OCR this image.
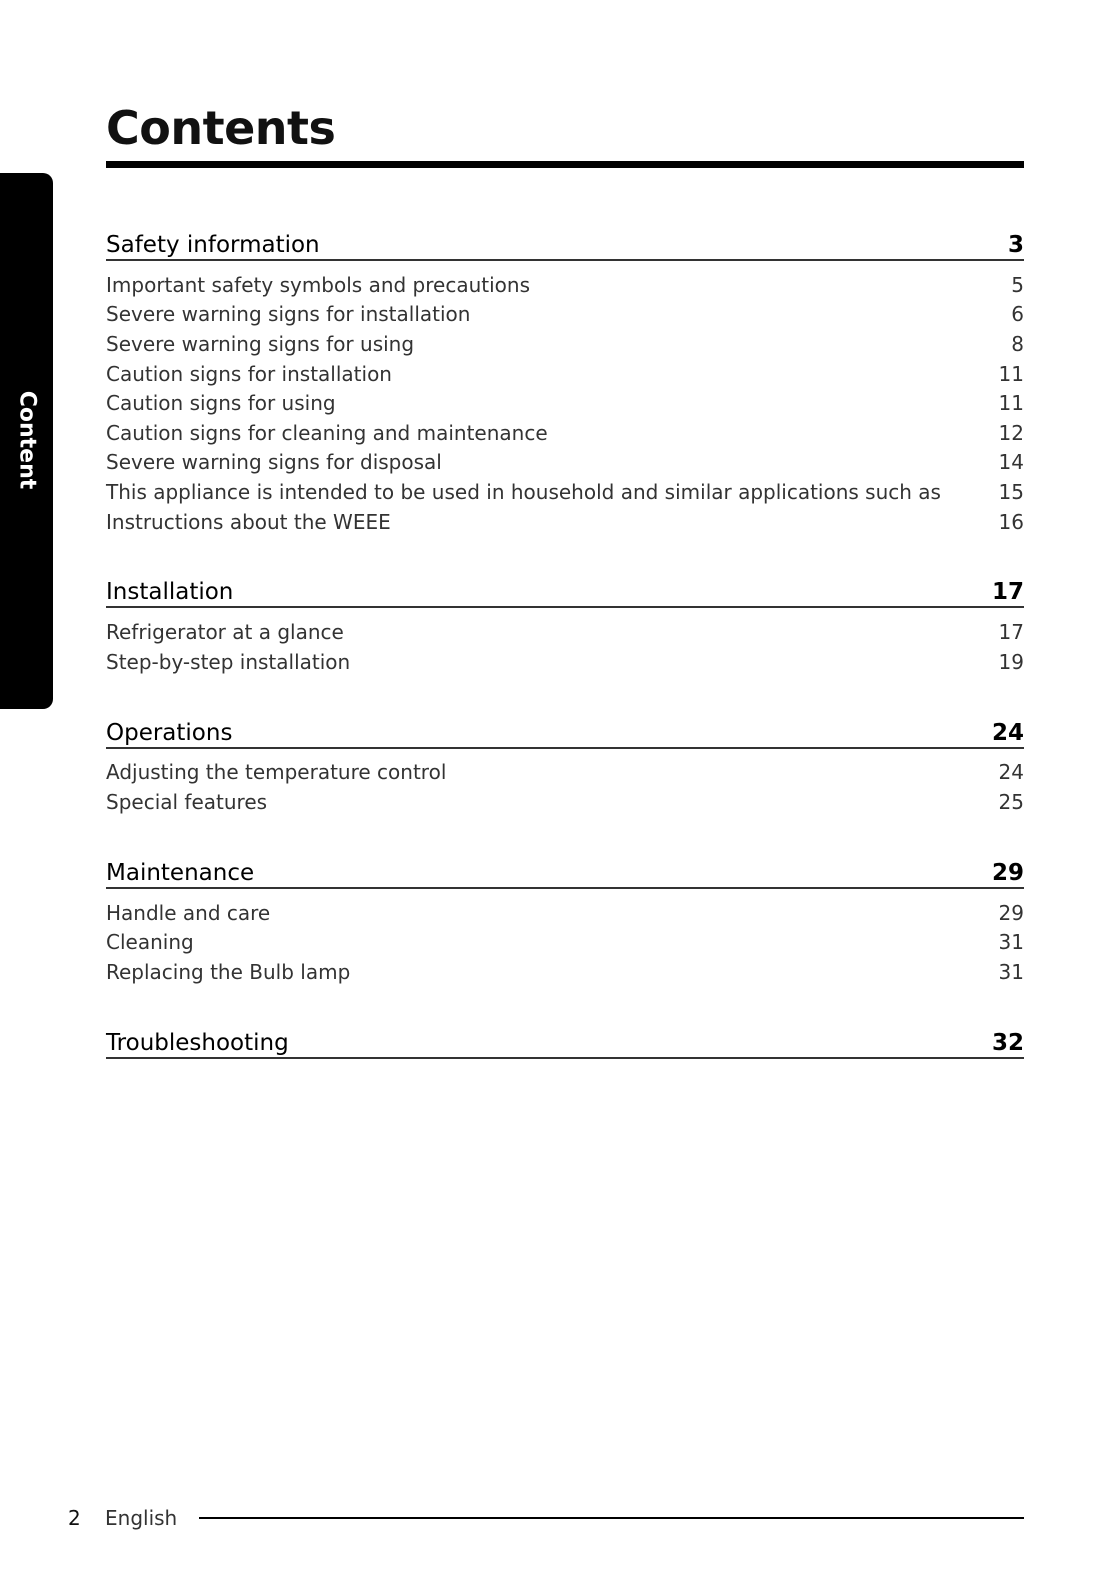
Content
Contents
Safety information	3
Important safety symbols and precautions	5
Severe warning signs for installation	6
Severe warning signs for using	8
Caution signs for installation	11
Caution signs for using	11
Caution signs for cleaning and maintenance	12
Severe warning signs for disposal	14
This appliance is intended to be used in household and similar applications such as	15
Instructions about the WEEE	16
Installation	17
Refrigerator at a glance	17
Step-by-step installation	19
Operations	24
Adjusting the temperature control	24
Special features	25
Maintenance	29
Handle and care	29
Cleaning	31
Replacing the Bulb lamp	31
Troubleshooting	32
2	English
